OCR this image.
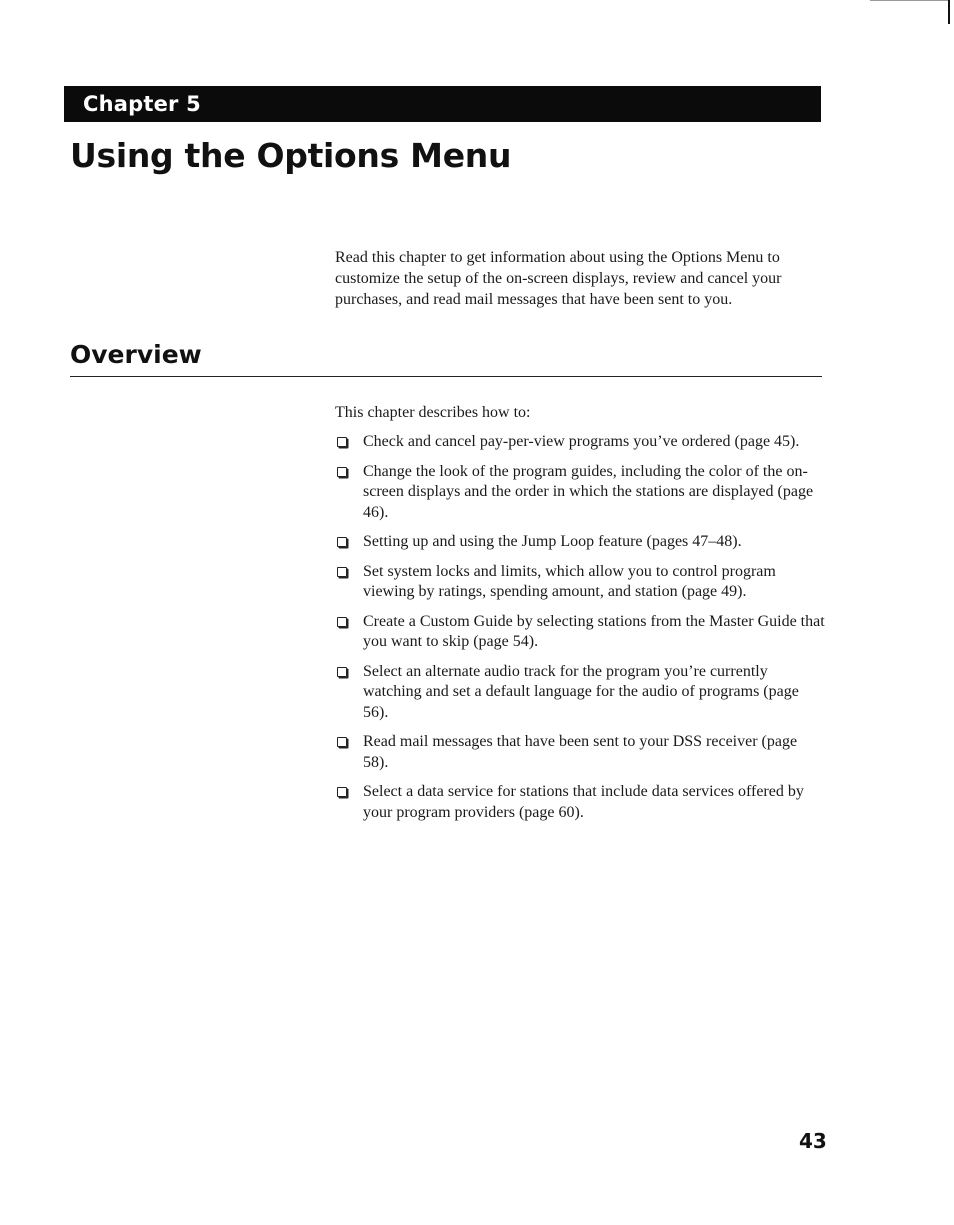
Chapter 5
Using the Options Menu

Read this chapter to get information about using the Options Menu to customize the setup of the on-screen displays, review and cancel your purchases, and read mail messages that have been sent to you.

Overview

This chapter describes how to:

Check and cancel pay-per-view programs you’ve ordered (page 45).
Change the look of the program guides, including the color of the on-screen displays and the order in which the stations are displayed (page 46).
Setting up and using the Jump Loop feature (pages 47–48).
Set system locks and limits, which allow you to control program viewing by ratings, spending amount, and station (page 49).
Create a Custom Guide by selecting stations from the Master Guide that you want to skip (page 54).
Select an alternate audio track for the program you’re currently watching and set a default language for the audio of programs (page 56).
Read mail messages that have been sent to your DSS receiver (page 58).
Select a data service for stations that include data services offered by your program providers (page 60).
43
